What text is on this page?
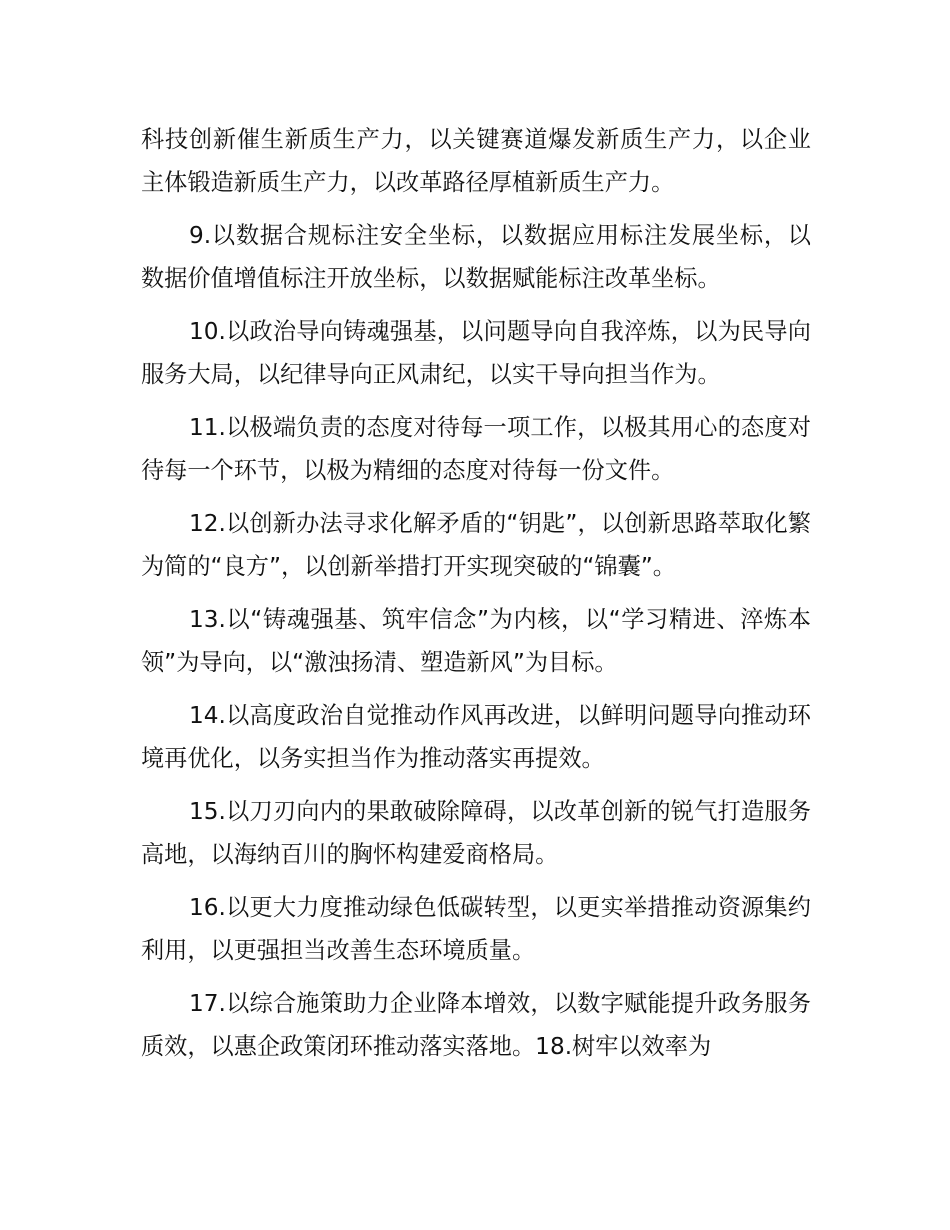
科技创新催生新质生产力，以关键赛道爆发新质生产力，以企业主体锻造新质生产力，以改革路径厚植新质生产力。

9.以数据合规标注安全坐标，以数据应用标注发展坐标，以数据价值增值标注开放坐标，以数据赋能标注改革坐标。

10.以政治导向铸魂强基，以问题导向自我淬炼，以为民导向服务大局，以纪律导向正风肃纪，以实干导向担当作为。

11.以极端负责的态度对待每一项工作，以极其用心的态度对待每一个环节，以极为精细的态度对待每一份文件。

12.以创新办法寻求化解矛盾的“钥匙”，以创新思路萃取化繁为简的“良方”，以创新举措打开实现突破的“锦囊”。

13.以“铸魂强基、筑牢信念”为内核，以“学习精进、淬炼本领”为导向，以“激浊扬清、塑造新风”为目标。

14.以高度政治自觉推动作风再改进，以鲜明问题导向推动环境再优化，以务实担当作为推动落实再提效。

15.以刀刃向内的果敢破除障碍，以改革创新的锐气打造服务高地，以海纳百川的胸怀构建爱商格局。

16.以更大力度推动绿色低碳转型，以更实举措推动资源集约利用，以更强担当改善生态环境质量。

17.以综合施策助力企业降本增效，以数字赋能提升政务服务质效，以惠企政策闭环推动落实落地。18.树牢以效率为
